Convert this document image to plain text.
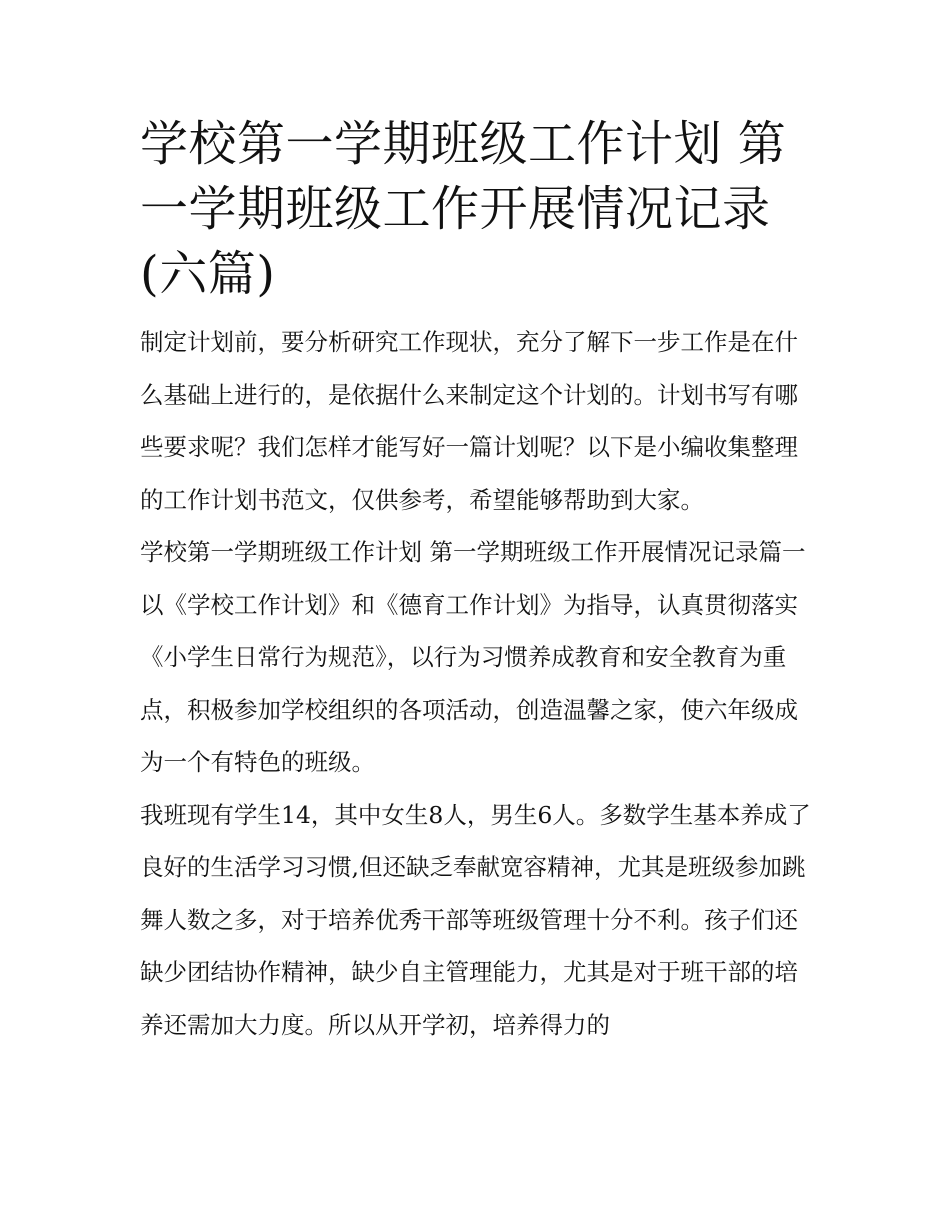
学校第一学期班级工作计划 第一学期班级工作开展情况记录(六篇)

制定计划前，要分析研究工作现状，充分了解下一步工作是在什么基础上进行的，是依据什么来制定这个计划的。计划书写有哪些要求呢？我们怎样才能写好一篇计划呢？以下是小编收集整理的工作计划书范文，仅供参考，希望能够帮助到大家。

学校第一学期班级工作计划 第一学期班级工作开展情况记录篇一

以《学校工作计划》和《德育工作计划》为指导，认真贯彻落实《小学生日常行为规范》，以行为习惯养成教育和安全教育为重点，积极参加学校组织的各项活动，创造温馨之家，使六年级成为一个有特色的班级。

我班现有学生14，其中女生8人，男生6人。多数学生基本养成了良好的生活学习习惯,但还缺乏奉献宽容精神，尤其是班级参加跳舞人数之多，对于培养优秀干部等班级管理十分不利。孩子们还缺少团结协作精神，缺少自主管理能力，尤其是对于班干部的培养还需加大力度。所以从开学初，培养得力的
